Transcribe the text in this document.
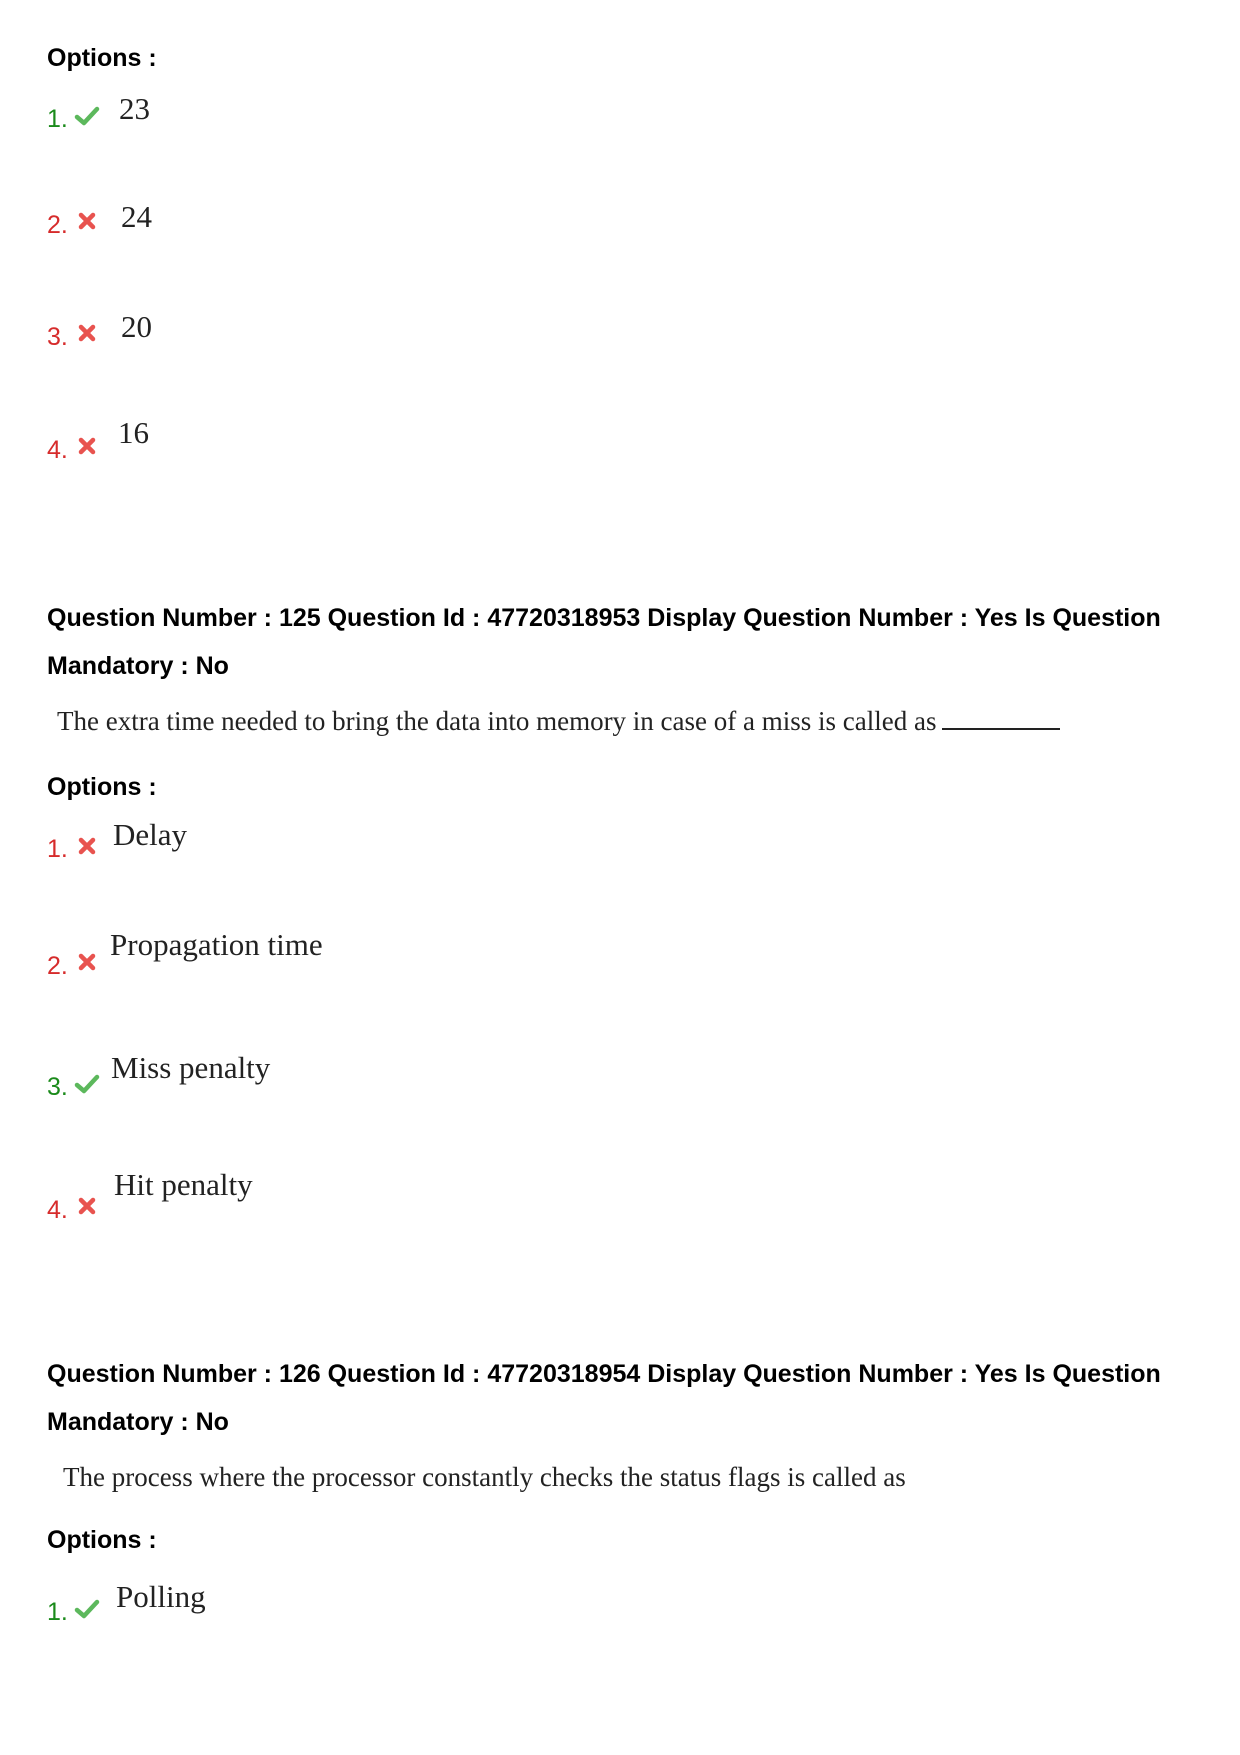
Options :
1. 23
2. 24
3. 20
4. 16
Question Number : 125 Question Id : 47720318953 Display Question Number : Yes Is Question
Mandatory : No
The extra time needed to bring the data into memory in case of a miss is called as
Options :
1. Delay
2.
Propagation time
3.
Miss penalty
4.
Hit penalty
Question Number : 126 Question Id : 47720318954 Display Question Number : Yes Is Question
Mandatory : No
The process where the processor constantly checks the status flags is called as
Options :
1. Polling
